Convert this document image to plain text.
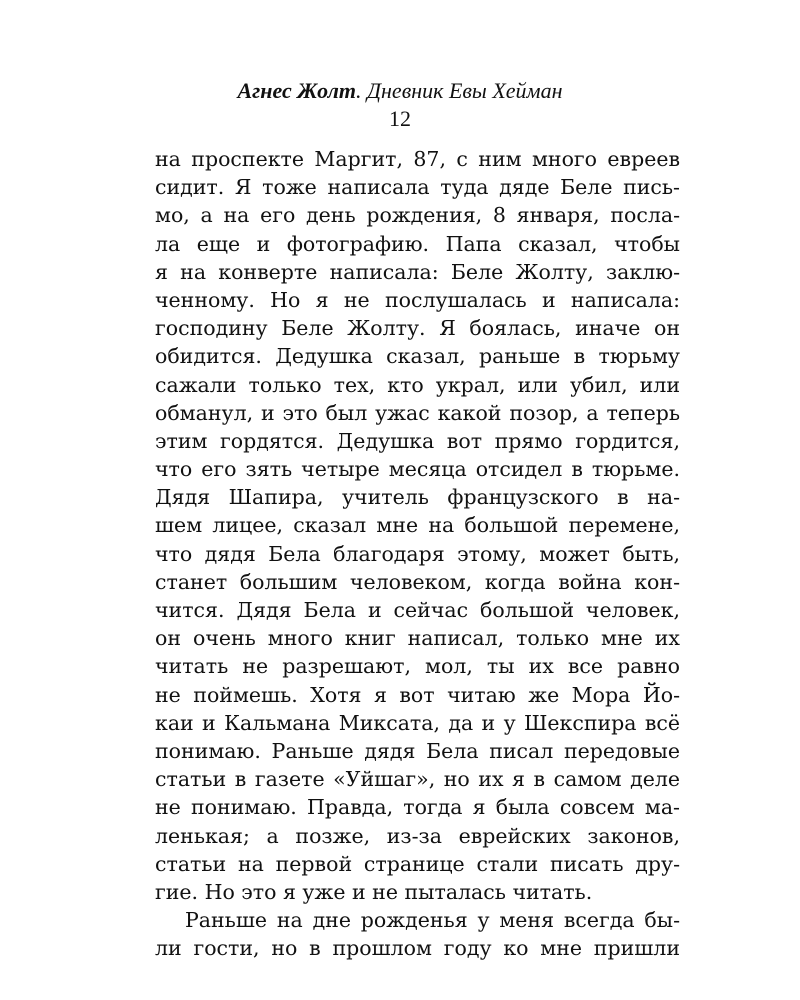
Агнес Жолт. Дневник Евы Хейман
12
на проспекте Маргит, 87, с ним много евреев
сидит. Я тоже написала туда дяде Беле пись-
мо, а на его день рождения, 8 января, посла-
ла еще и фотографию. Папа сказал, чтобы
я на конверте написала: Беле Жолту, заклю-
ченному. Но я не послушалась и написала:
господину Беле Жолту. Я боялась, иначе он
обидится. Дедушка сказал, раньше в тюрьму
сажали только тех, кто украл, или убил, или
обманул, и это был ужас какой позор, а теперь
этим гордятся. Дедушка вот прямо гордится,
что его зять четыре месяца отсидел в тюрьме.
Дядя Шапира, учитель французского в на-
шем лицее, сказал мне на большой перемене,
что дядя Бела благодаря этому, может быть,
станет большим человеком, когда война кон-
чится. Дядя Бела и сейчас большой человек,
он очень много книг написал, только мне их
читать не разрешают, мол, ты их все равно
не поймешь. Хотя я вот читаю же Мора Йо-
каи и Кальмана Миксата, да и у Шекспира всё
понимаю. Раньше дядя Бела писал передовые
статьи в газете «Уйшаг», но их я в самом деле
не понимаю. Правда, тогда я была совсем ма-
ленькая; а позже, из-за еврейских законов,
статьи на первой странице стали писать дру-
гие. Но это я уже и не пыталась читать.
Раньше на дне рожденья у меня всегда бы-
ли гости, но в прошлом году ко мне пришли
